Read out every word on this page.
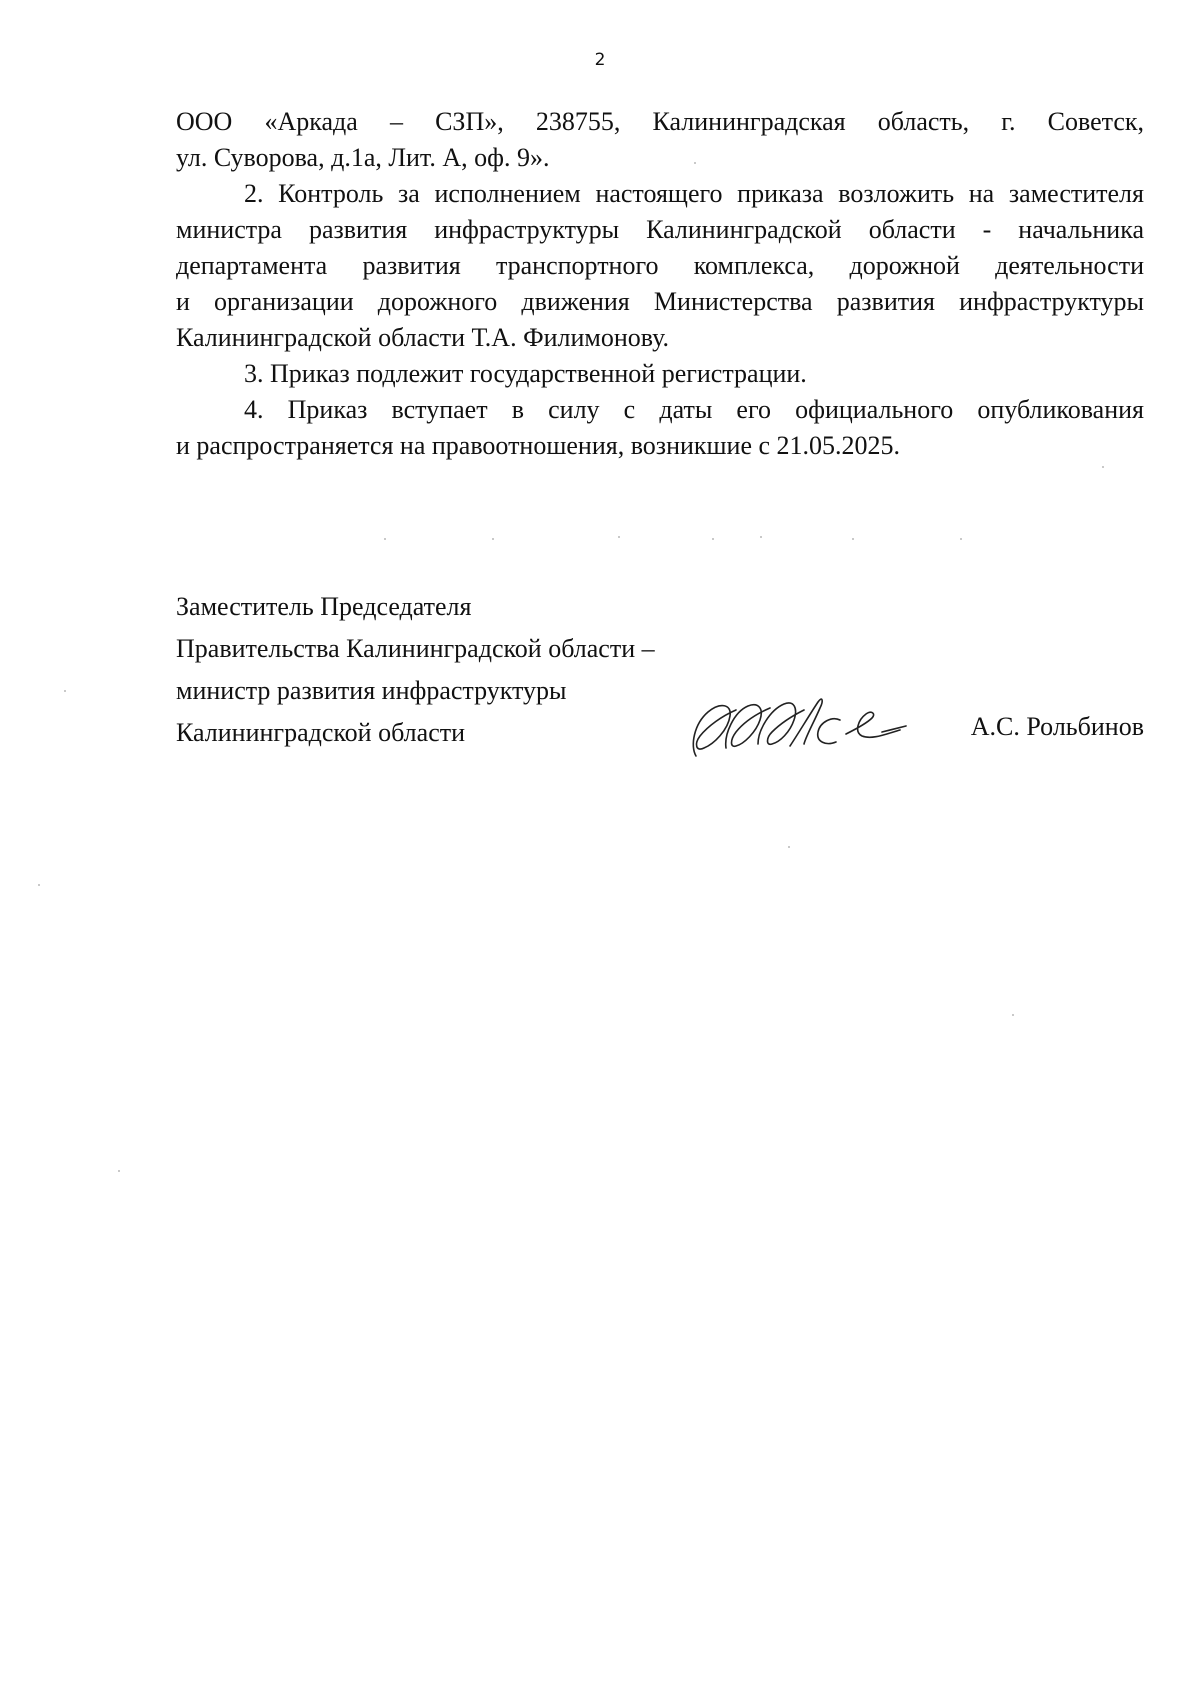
2

ООО «Аркада – СЗП», 238755, Калининградская область, г. Советск,
ул. Суворова, д.1а, Лит. А, оф. 9».

2. Контроль за исполнением настоящего приказа возложить на заместителя
министра развития инфраструктуры Калининградской области - начальника
департамента развития транспортного комплекса, дорожной деятельности
и организации дорожного движения Министерства развития инфраструктуры
Калининградской области Т.А. Филимонову.

3. Приказ подлежит государственной регистрации.

4. Приказ вступает в силу с даты его официального опубликования
и распространяется на правоотношения, возникшие с 21.05.2025.

Заместитель Председателя
Правительства Калининградской области –
министр развития инфраструктуры
Калининградской области	А.С. Рольбинов
